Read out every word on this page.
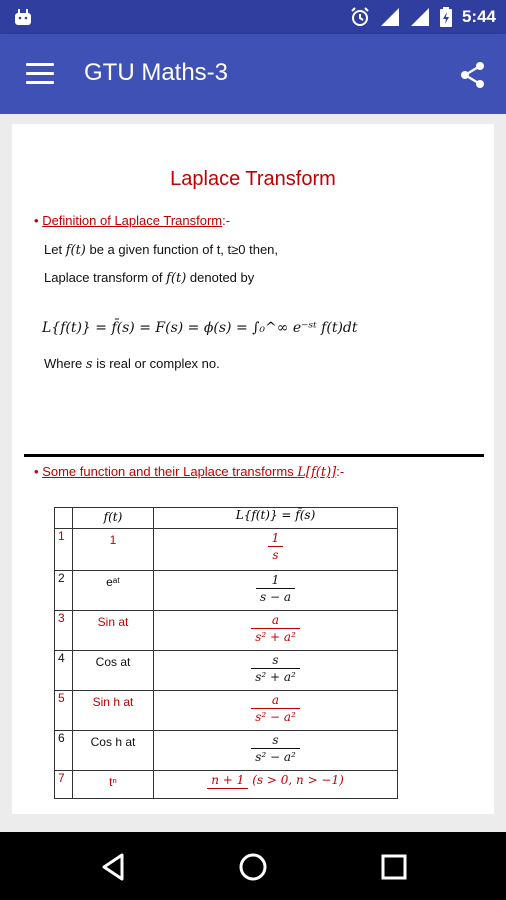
5:44
GTU Maths-3
Laplace Transform
• Definition of Laplace Transform:-
Let f(t) be a given function of t, t≥0 then,
Laplace transform of f(t) denoted by
L{f(t)} = f̄(s) = F(s) = ϕ(s) = ∫₀^∞ e⁻ˢᵗ f(t)dt
Where s is real or complex no.
• Some function and their Laplace transforms L[f(t)]:-
	f(t)	L{f(t)} = f̄(s)
1	1	$\frac{1}{s}$

2	eᵃᵗ	$\frac{1}{s - a}$

3	Sin at	$\frac{a}{\text{s² + a²}}$

4	Cos at	$\frac{s}{\text{s² + a²}}$

5	Sin h at	$\frac{a}{\text{s² − a²}}$

6	Cos h at	$\frac{s}{\text{s² − a²}}$

7	tⁿ	n + 1 (s > 0, n > −1)
